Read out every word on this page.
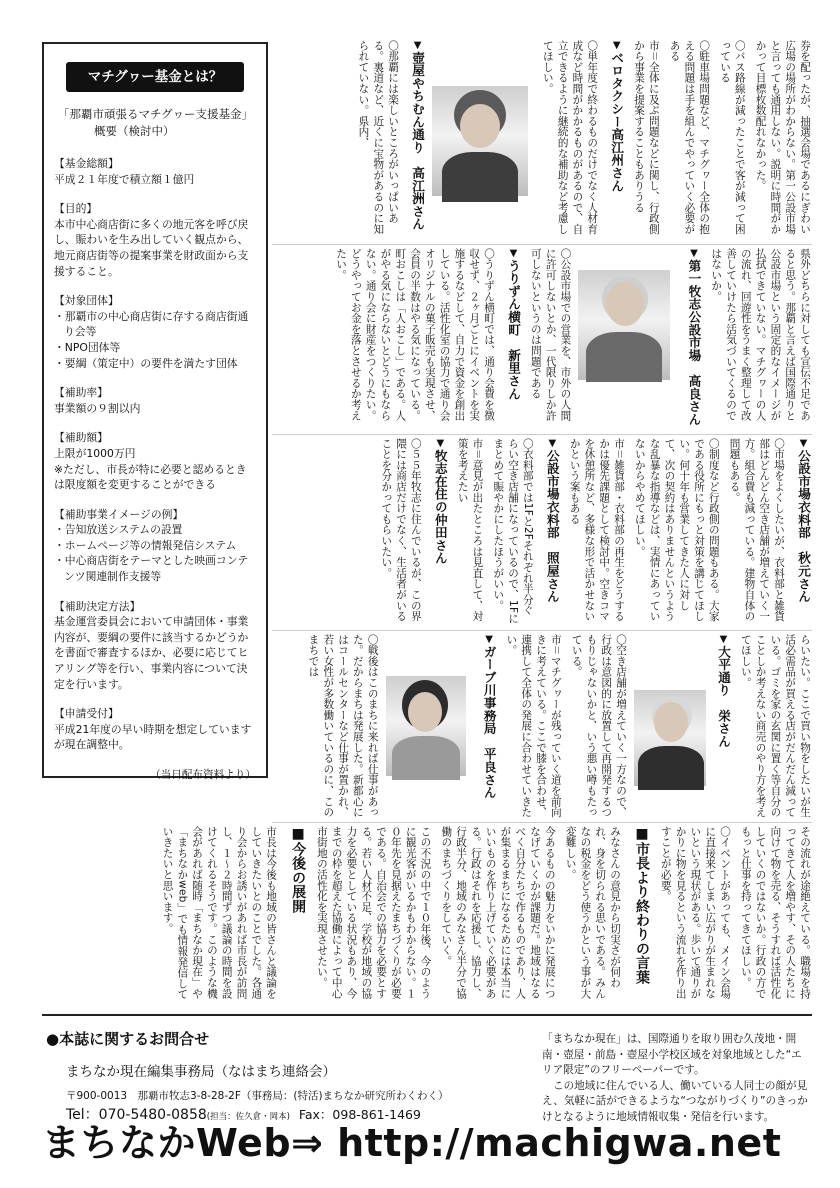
券を配ったが、抽選会場であるにぎわい広場の場所がわからない。第一公設市場と言っても通用しない。説明に時間がかかって目標枚数配れなかった。

〇バス路線が減ったことで客が減って困っている

〇駐車場問題など、マチグヮー全体の抱える問題は手を組んでやっていく必要がある

市＝全体に及ぶ問題などに関し、行政側から事業を提案することもありうる

▼ベロタクシー高江州さん

〇単年度で終わるものだけでなく人材育成など時間がかかるものがあるので、自立できるように継続的な補助など考慮してほしい。

▼壺屋やちむん通り　高江洲さん

〇那覇には楽しいところがいっぱいある。裏道など、近くに宝物があるのに知られていない。県内、

県外どちらに対しても宣伝不足であると思う。那覇と言えば国際通りと公設市場という固定的なイメージが払拭できていない。マチグヮーの人の流れ、回遊性をうまく整理して改善していけたら活気づいてくるのではないか。

▼第一牧志公設市場　高良さん

〇公設市場での営業を、市外の人間に許可しないとか、一代限りしか許可しないというのは問題である

▼うりずん横町　新里さん

〇うりずん横町では、通り会費を徴収せず、２ヶ月ごとにイベントを実施するなどして、自力で資金を創出している。活性化室の協力で通り会オリジナルの菓子販売も実現させ、会員の半数はやる気になっている。町おこしは「人おこし」である。人がやる気にならないとどうにもならない。通り会に財産をつくりたい。どうやってお金を落とさせるか考えたい。

▼公設市場衣料部　秋元さん

〇市場をよくしたいが、衣料部と雑貨部はどんどん空き店舗が増えていく一方。組合費も減っている。建物自体の問題もある。

〇制度など行政側の問題もある。大家である役所にもっと対策を講じてほしい。何十年も営業してきた人に対して、次の契約はありませんというような乱暴な指導などは、実情にあっていないからやめてほしい。

市＝雑貨部・衣料部の再生をどうするかは優先課題として検討中。空きコマを休憩所など、多様な形で活かせないかという案もある

▼公設市場衣料部　照屋さん

〇衣料部では1Fと2Fそれぞれ半分ぐらい空き店舗になっているので、1Fにまとめて賑やかにしたほうがいい。

市＝意見が出たところは見直して、対策を考えたい

▼牧志在住の仲田さん

〇５５年牧志に住んでいるが、この界隈には商店だけでなく、生活者がいることを分かってもらいたい。

らいたい。ここで買い物をしたいが生活必需品が買える店がだんだん減っている。ゴミを家の玄関に置く等自分のことしか考えない商売のやり方を考えてほしい。

▼大平通り　栄さん

〇空き店舗が増えていく一方なので、行政は意図的に放置して再開発するつもりじゃないかと、いう悪い噂もたっている。

市＝マチグヮーが残っていく道を前向きに考えている。ここで膝を合わせ、連携して全体の発展に合わせていきたい。

▼ガーブ川事務局　平良さん

〇戦後はこのまちに来れば仕事があった。だからまちは発展した。新都心にはコールセンターなど仕事が置かれ、若い女性が多数働いているのに、このまちでは

その流れが途絶えている。職場を持ってきて人を増やす、その人たちに向けて物を売る、そうすれば活性化していくのではないか。行政の方でもっと仕事を持ってきてほしい。

〇イベントがあっても、メイン会場に直接来てしまい広がりが生まれないという現状がある。歩いて通りがかりに物を見るという流れを作り出すことが必要。

■市長より終わりの言葉

みなさんの意見から切実さが伺われ、身を切られる思いである。みんなの税金をどう使うかという事が大変難しい。

今あるものの魅力をいかに発展につなげていくかが課題だ。地域はなるべく自分たちで作るものであり、人が集まるまちになるためには本当にいいものを作り上げていく必要がある。行政はそれを応援し、協力し、行政半分、地域のみなさん半分で協働のまちづくりをしていく。

この不況の中で１０年後、今のように観光客がいるかもわからない。１０年先を見据えたまちづくりが必要である。自治会での協力を必要とする。若い人材不足、学校が地域の協力を必要としている状況もあり、今までの枠を超えた協働によって中心市街地の活性化を実現させたい。

■今後の展開

市長は今後も地域の皆さんと議論をしていきたいとのことでした。各通り会からお誘いがあれば市長が訪問し、１〜２時間ずつ議論の時間を設けてくれるそうです。このような機会があれば随時「まちなか現在」や「まちなかweb」でも情報発信していきたいと思います。

マチグヮー基金とは？
「那覇市頑張るマチグヮー支援基金」
概要（検討中）
【基金総額】
平成２１年度で積立額１億円
【目的】
本市中心商店街に多くの地元客を呼び戻し、賑わいを生み出していく観点から、地元商店街等の提案事業を財政面から支援すること。
【対象団体】
・那覇市の中心商店街に存する商店街通り会等
・NPO団体等
・要綱（策定中）の要件を満たす団体
【補助率】
事業額の９割以内
【補助額】
上限が1000万円
※ただし、市長が特に必要と認めるときは限度額を変更することができる
【補助事業イメージの例】
・告知放送システムの設置
・ホームページ等の情報発信システム
・中心商店街をテーマとした映画コンテンツ関連制作支援等
【補助決定方法】
基金運営委員会において申請団体・事業内容が、要綱の要件に該当するかどうかを書面で審査するほか、必要に応じてヒアリング等を行い、事業内容について決定を行います。
【申請受付】
平成21年度の早い時期を想定していますが現在調整中。
（当日配布資料より）
●本誌に関するお問合せ
まちなか現在編集事務局（なはまち連絡会）
〒900-0013　那覇市牧志3-8-28-2F（事務局：(特活)まちなか研究所わくわく）
Tel：070-5480-0858(担当：佐久倉・岡本) Fax：098-861-1469

「まちなか現在」は、国際通りを取り囲む久茂地・開南・壺屋・前島・壺屋小学校区域を対象地域とした“エリア限定”のフリーペーパーです。

この地域に住んでいる人、働いている人同士の顔が見え、気軽に話ができるような“つながりづくり”のきっかけとなるように地域情報収集・発信を行います。

まちなかWeb⇒ http://machigwa.net
